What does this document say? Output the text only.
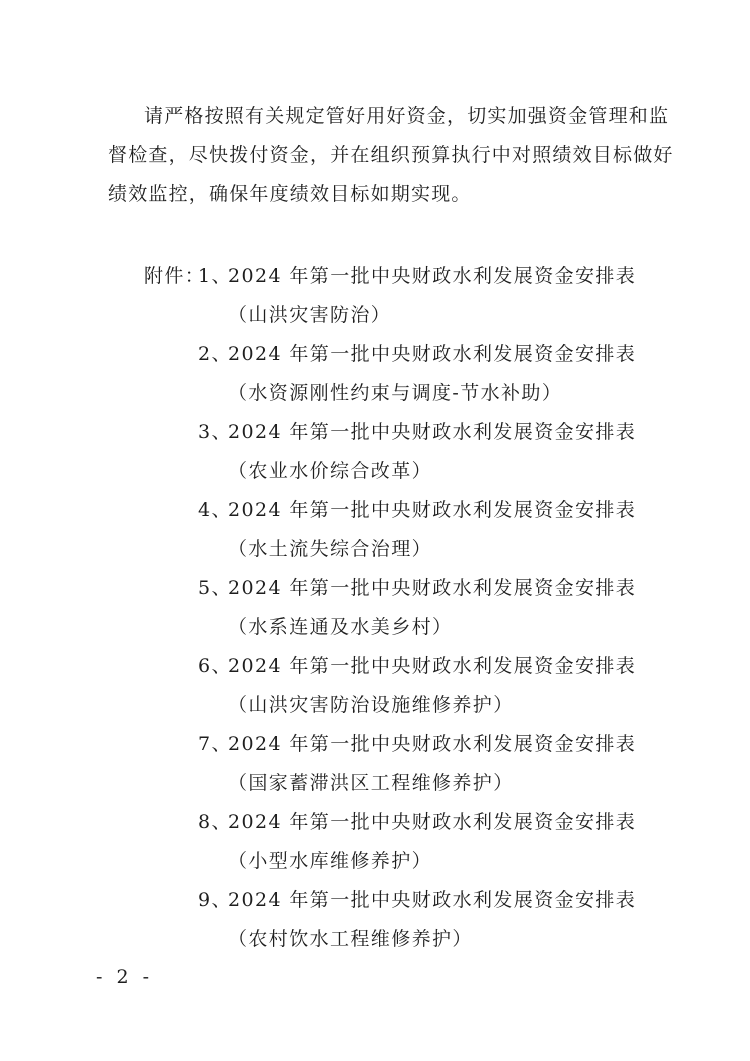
请严格按照有关规定管好用好资金，切实加强资金管理和监
督检查，尽快拨付资金，并在组织预算执行中对照绩效目标做好
绩效监控，确保年度绩效目标如期实现。
附件：
1、
2024 年第一批中央财政水利发展资金安排表
（山洪灾害防治）
2、
2024 年第一批中央财政水利发展资金安排表
（水资源刚性约束与调度-节水补助）
3、
2024 年第一批中央财政水利发展资金安排表
（农业水价综合改革）
4、
2024 年第一批中央财政水利发展资金安排表
（水土流失综合治理）
5、
2024 年第一批中央财政水利发展资金安排表
（水系连通及水美乡村）
6、
2024 年第一批中央财政水利发展资金安排表
（山洪灾害防治设施维修养护）
7、
2024 年第一批中央财政水利发展资金安排表
（国家蓄滞洪区工程维修养护）
8、
2024 年第一批中央财政水利发展资金安排表
（小型水库维修养护）
9、
2024 年第一批中央财政水利发展资金安排表
（农村饮水工程维修养护）
- 2 -
